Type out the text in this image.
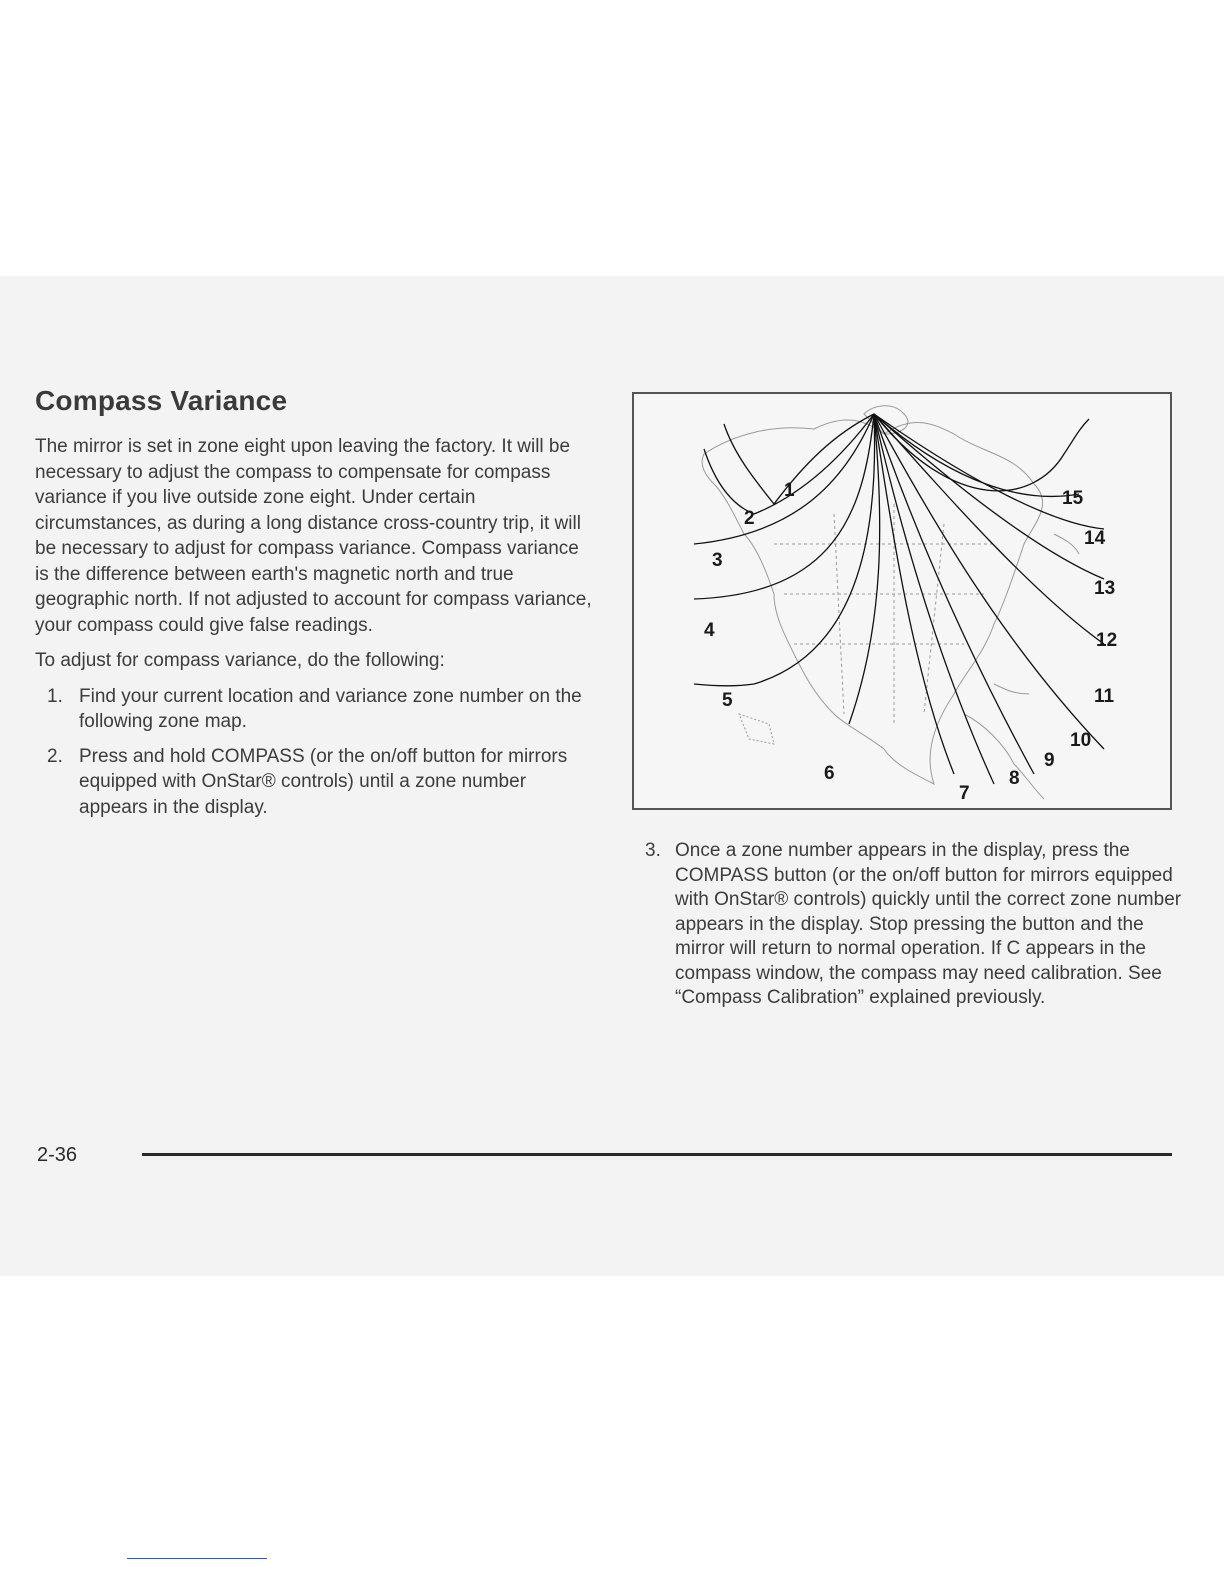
Compass Variance

The mirror is set in zone eight upon leaving the factory. It will be necessary to adjust the compass to compensate for compass variance if you live outside zone eight. Under certain circumstances, as during a long distance cross-country trip, it will be necessary to adjust for compass variance. Compass variance is the difference between earth's magnetic north and true geographic north. If not adjusted to account for compass variance, your compass could give false readings.

To adjust for compass variance, do the following:

1. Find your current location and variance zone number on the following zone map.
2. Press and hold COMPASS (or the on/off button for mirrors equipped with OnStar® controls) until a zone number appears in the display.
1
2
3
4
5
6
7
8
9
10
11
12
13
14
15
3. Once a zone number appears in the display, press the COMPASS button (or the on/off button for mirrors equipped with OnStar® controls) quickly until the correct zone number appears in the display. Stop pressing the button and the mirror will return to normal operation. If C appears in the compass window, the compass may need calibration. See “Compass Calibration” explained previously.
2-36
